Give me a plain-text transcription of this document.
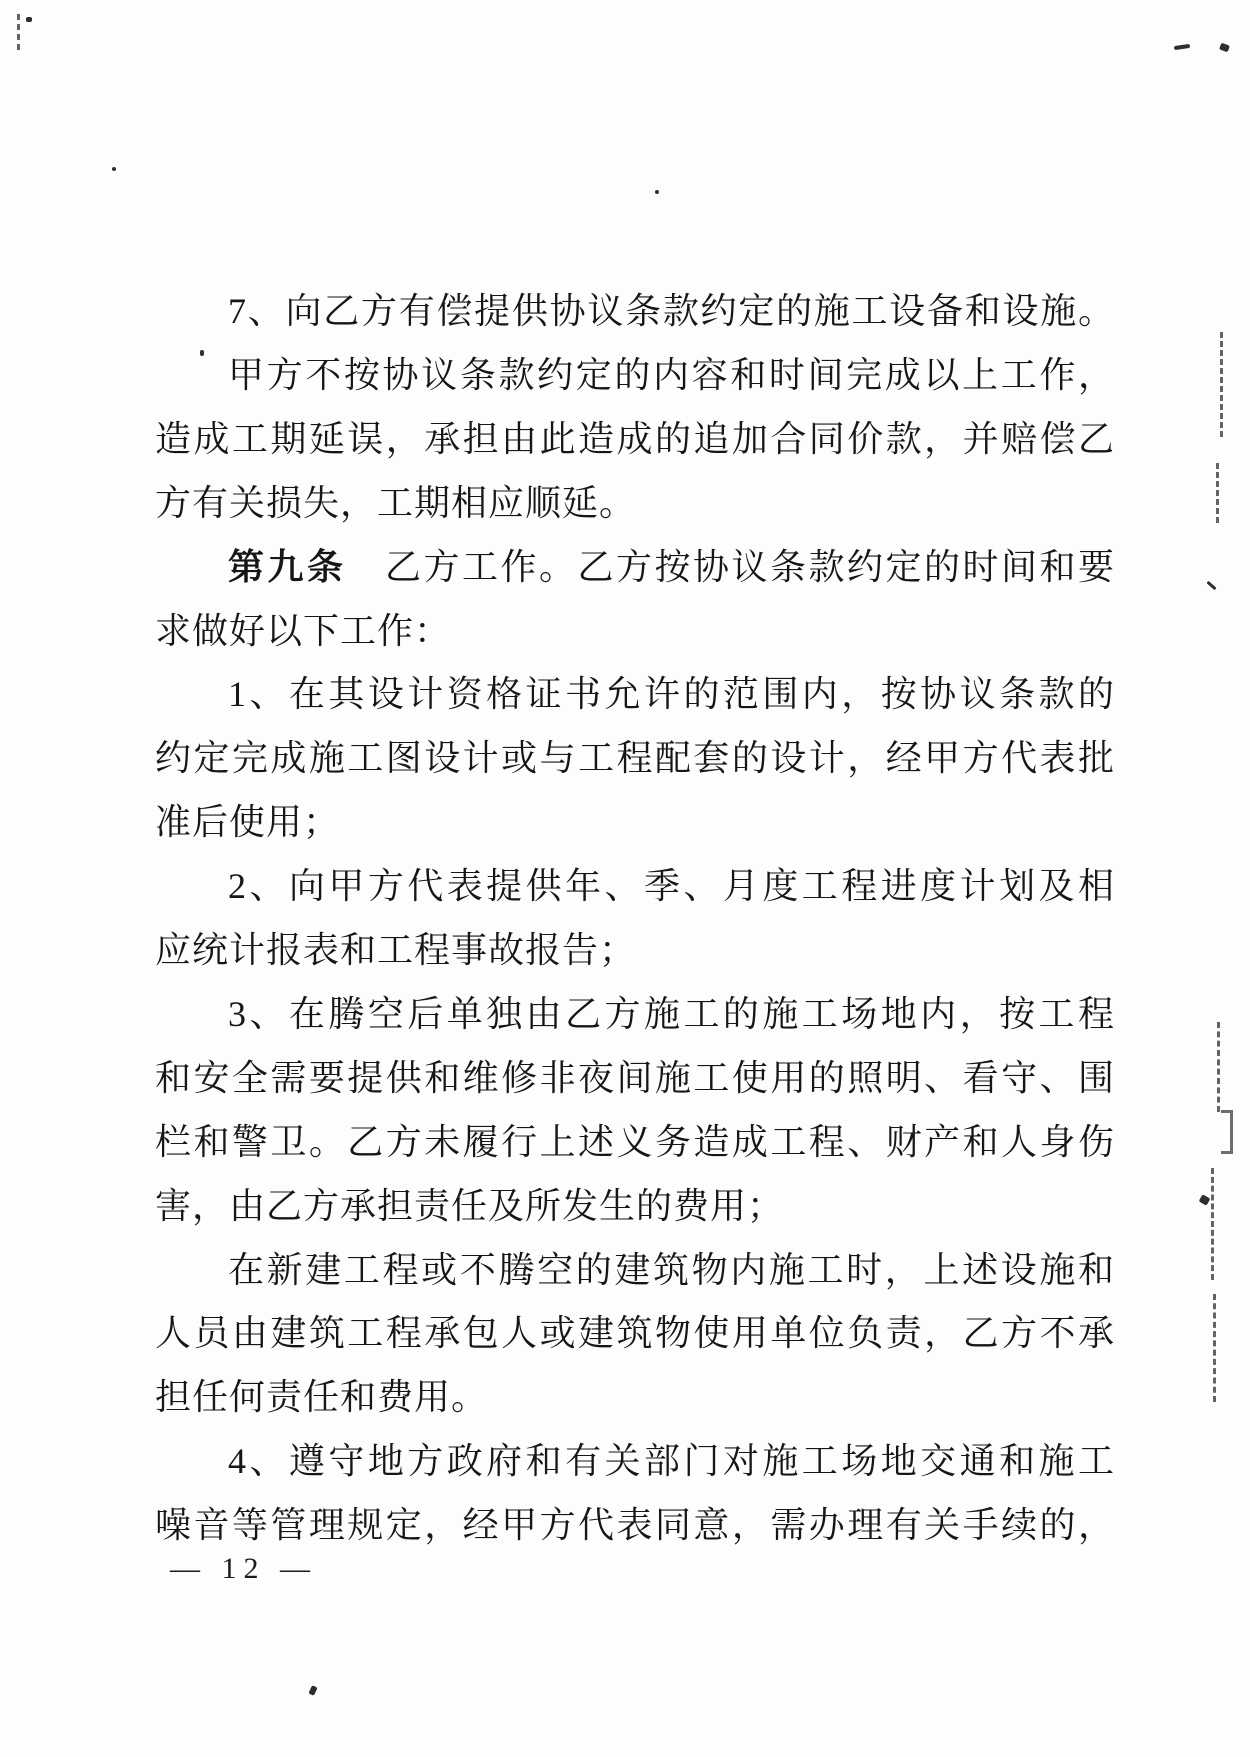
7、向乙方有偿提供协议条款约定的施工设备和设施。
甲方不按协议条款约定的内容和时间完成以上工作，
造成工期延误，承担由此造成的追加合同价款，并赔偿乙
方有关损失，工期相应顺延。
第九条　乙方工作。乙方按协议条款约定的时间和要
求做好以下工作：
1、在其设计资格证书允许的范围内，按协议条款的
约定完成施工图设计或与工程配套的设计，经甲方代表批
准后使用；
2、向甲方代表提供年、季、月度工程进度计划及相
应统计报表和工程事故报告；
3、在腾空后单独由乙方施工的施工场地内，按工程
和安全需要提供和维修非夜间施工使用的照明、看守、围
栏和警卫。乙方未履行上述义务造成工程、财产和人身伤
害，由乙方承担责任及所发生的费用；
在新建工程或不腾空的建筑物内施工时，上述设施和
人员由建筑工程承包人或建筑物使用单位负责，乙方不承
担任何责任和费用。
4、遵守地方政府和有关部门对施工场地交通和施工
噪音等管理规定，经甲方代表同意，需办理有关手续的，
— 12 —
